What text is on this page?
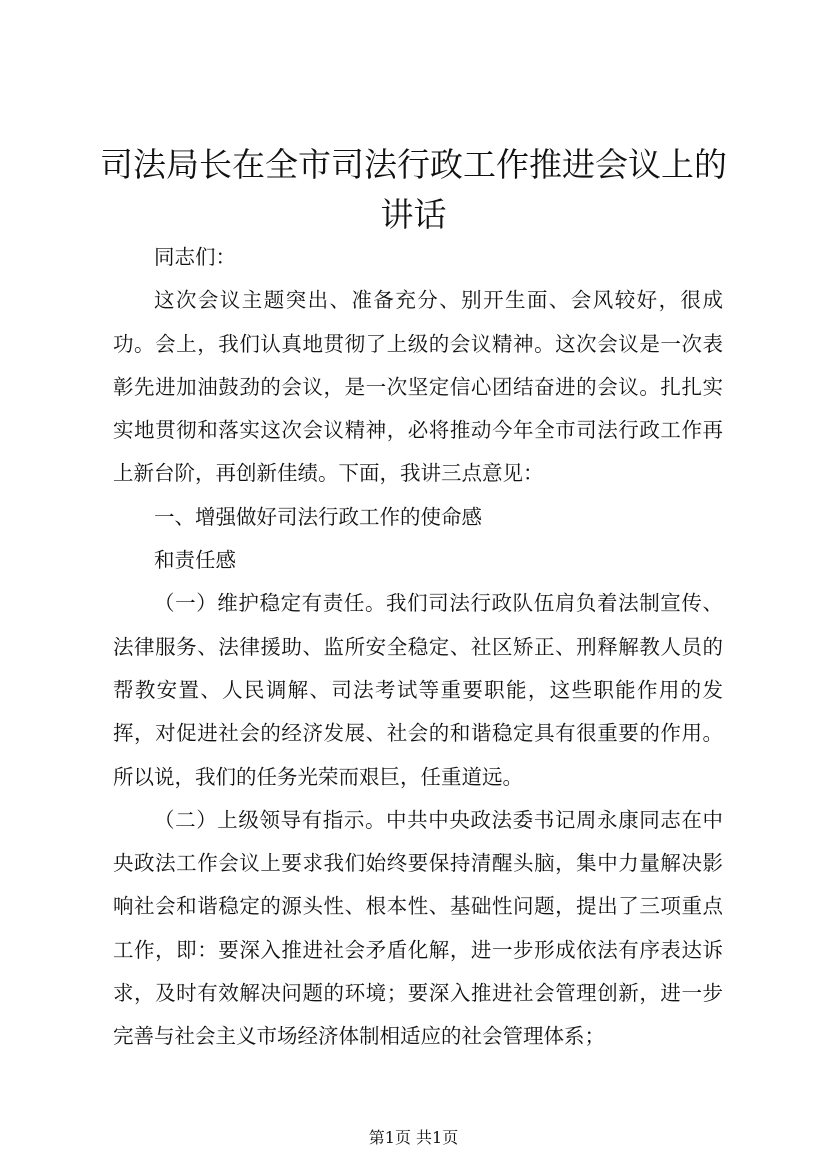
司法局长在全市司法行政工作推进会议上的讲话

同志们：

这次会议主题突出、准备充分、别开生面、会风较好，很成功。会上，我们认真地贯彻了上级的会议精神。这次会议是一次表彰先进加油鼓劲的会议，是一次坚定信心团结奋进的会议。扎扎实实地贯彻和落实这次会议精神，必将推动今年全市司法行政工作再上新台阶，再创新佳绩。下面，我讲三点意见：

一、增强做好司法行政工作的使命感

和责任感

（一）维护稳定有责任。我们司法行政队伍肩负着法制宣传、法律服务、法律援助、监所安全稳定、社区矫正、刑释解教人员的帮教安置、人民调解、司法考试等重要职能，这些职能作用的发挥，对促进社会的经济发展、社会的和谐稳定具有很重要的作用。所以说，我们的任务光荣而艰巨，任重道远。

（二）上级领导有指示。中共中央政法委书记周永康同志在中央政法工作会议上要求我们始终要保持清醒头脑，集中力量解决影响社会和谐稳定的源头性、根本性、基础性问题，提出了三项重点工作，即：要深入推进社会矛盾化解，进一步形成依法有序表达诉求，及时有效解决问题的环境；要深入推进社会管理创新，进一步完善与社会主义市场经济体制相适应的社会管理体系；

第1页 共1页
